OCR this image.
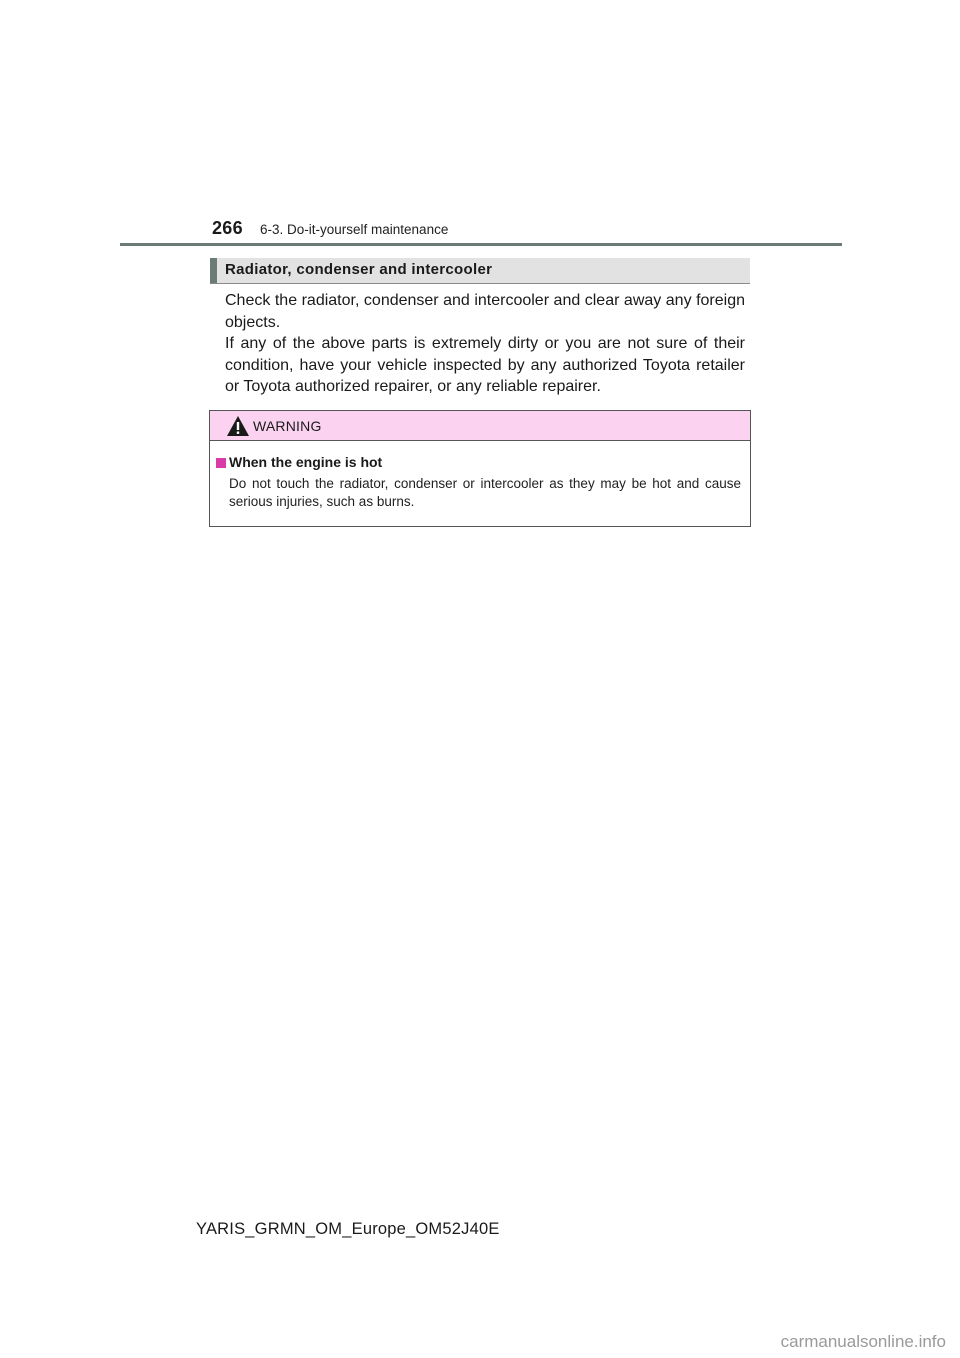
266 6-3. Do-it-yourself maintenance
Radiator, condenser and intercooler

Check the radiator, condenser and intercooler and clear away any foreign objects.

If any of the above parts is extremely dirty or you are not sure of their condition, have your vehicle inspected by any authorized Toyota retailer or Toyota authorized repairer, or any reliable repairer.

WARNING
When the engine is hot
Do not touch the radiator, condenser or intercooler as they may be hot and cause serious injuries, such as burns.
YARIS_GRMN_OM_Europe_OM52J40E
carmanualsonline.info
